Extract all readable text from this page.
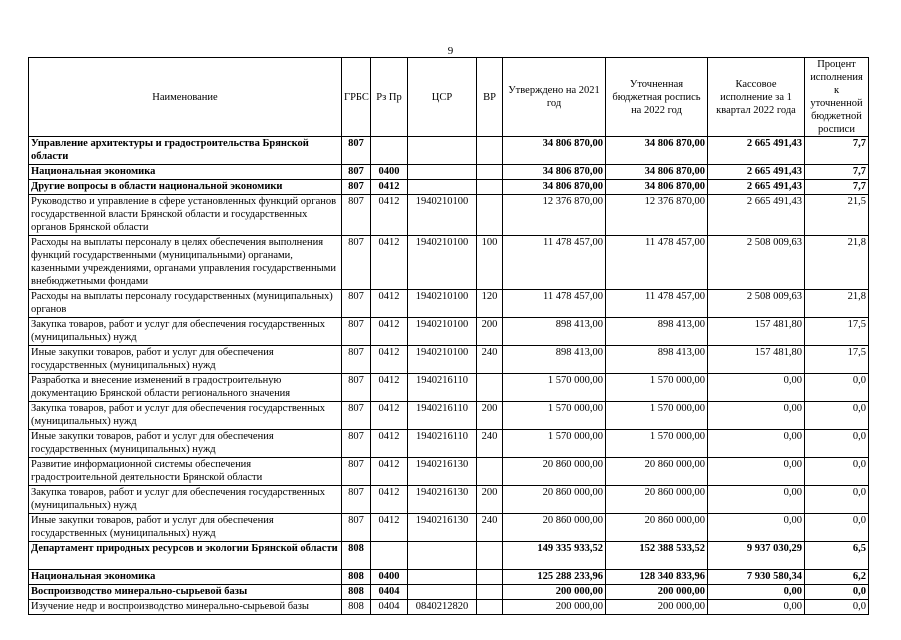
9
Наименование	ГРБС	Рз Пр	ЦСР	ВР	Утверждено на 2021 год	Уточненная бюджетная роспись на 2022 год	Кассовое исполнение за 1 квартал 2022 года	Процент исполнения к уточненной бюджетной росписи
Управление архитектуры и градостроительства Брянской области	807				34 806 870,00	34 806 870,00	2 665 491,43	7,7
Национальная экономика	807	0400			34 806 870,00	34 806 870,00	2 665 491,43	7,7
Другие вопросы в области национальной экономики	807	0412			34 806 870,00	34 806 870,00	2 665 491,43	7,7
Руководство и управление в сфере установленных функций органов государственной власти Брянской области и государственных органов Брянской области	807	0412	1940210100		12 376 870,00	12 376 870,00	2 665 491,43	21,5
Расходы на выплаты персоналу в целях обеспечения выполнения функций государственными (муниципальными) органами, казенными учреждениями, органами управления государственными внебюджетными фондами	807	0412	1940210100	100	11 478 457,00	11 478 457,00	2 508 009,63	21,8
Расходы на выплаты персоналу государственных (муниципальных) органов	807	0412	1940210100	120	11 478 457,00	11 478 457,00	2 508 009,63	21,8
Закупка товаров, работ и услуг для обеспечения государственных (муниципальных) нужд	807	0412	1940210100	200	898 413,00	898 413,00	157 481,80	17,5
Иные закупки товаров, работ и услуг для обеспечения государственных (муниципальных) нужд	807	0412	1940210100	240	898 413,00	898 413,00	157 481,80	17,5
Разработка и внесение изменений в градостроительную документацию Брянской области регионального значения	807	0412	1940216110		1 570 000,00	1 570 000,00	0,00	0,0
Закупка товаров, работ и услуг для обеспечения государственных (муниципальных) нужд	807	0412	1940216110	200	1 570 000,00	1 570 000,00	0,00	0,0
Иные закупки товаров, работ и услуг для обеспечения государственных (муниципальных) нужд	807	0412	1940216110	240	1 570 000,00	1 570 000,00	0,00	0,0
Развитие информационной системы обеспечения градостроительной деятельности Брянской области	807	0412	1940216130		20 860 000,00	20 860 000,00	0,00	0,0
Закупка товаров, работ и услуг для обеспечения государственных (муниципальных) нужд	807	0412	1940216130	200	20 860 000,00	20 860 000,00	0,00	0,0
Иные закупки товаров, работ и услуг для обеспечения государственных (муниципальных) нужд	807	0412	1940216130	240	20 860 000,00	20 860 000,00	0,00	0,0
Департамент природных ресурсов и экологии Брянской области	808				149 335 933,52	152 388 533,52	9 937 030,29	6,5
Национальная экономика	808	0400			125 288 233,96	128 340 833,96	7 930 580,34	6,2
Воспроизводство минерально-сырьевой базы	808	0404			200 000,00	200 000,00	0,00	0,0
Изучение недр и воспроизводство минерально-сырьевой базы	808	0404	0840212820		200 000,00	200 000,00	0,00	0,0
